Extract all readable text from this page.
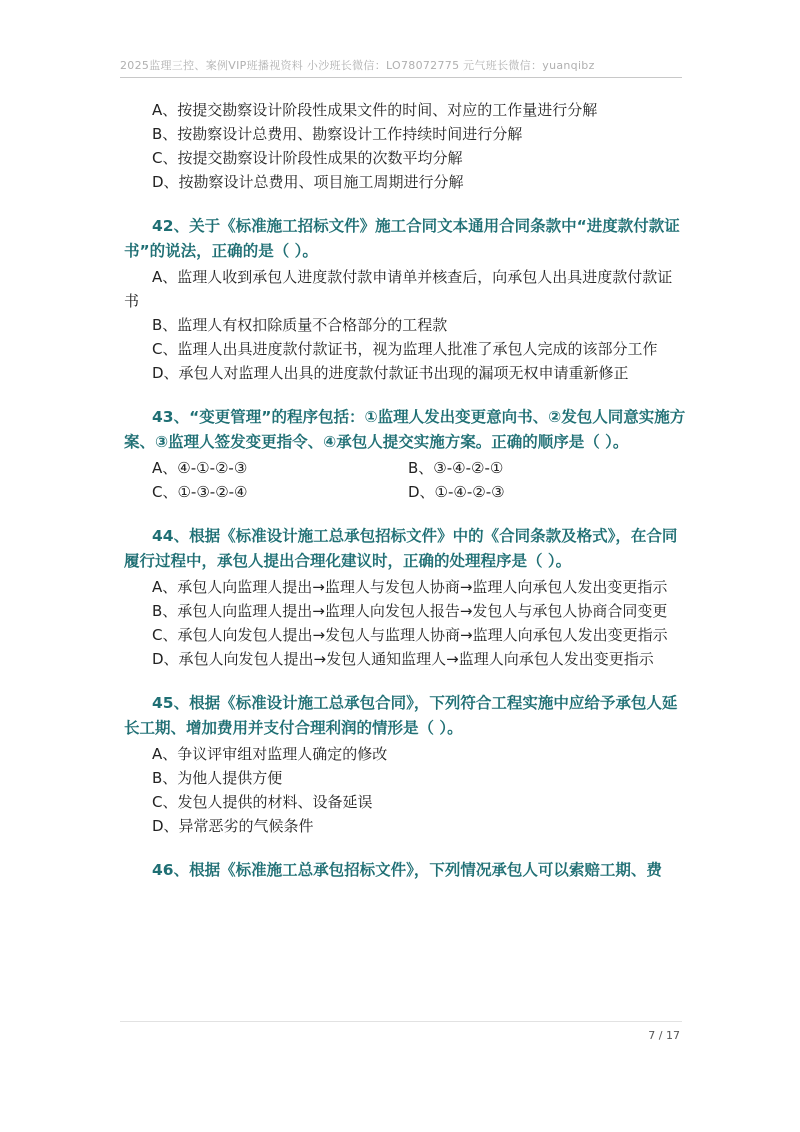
2025监理三控、案例VIP班播视资料 小沙班长微信：LO78072775 元气班长微信：yuanqibz
A、按提交勘察设计阶段性成果文件的时间、对应的工作量进行分解
B、按勘察设计总费用、勘察设计工作持续时间进行分解
C、按提交勘察设计阶段性成果的次数平均分解
D、按勘察设计总费用、项目施工周期进行分解
42、关于《标准施工招标文件》施工合同文本通用合同条款中“进度款付款证书”的说法，正确的是（ ）。
A、监理人收到承包人进度款付款申请单并核查后，向承包人出具进度款付款证书
B、监理人有权扣除质量不合格部分的工程款
C、监理人出具进度款付款证书，视为监理人批准了承包人完成的该部分工作
D、承包人对监理人出具的进度款付款证书出现的漏项无权申请重新修正
43、“变更管理”的程序包括：①监理人发出变更意向书、②发包人同意实施方案、③监理人签发变更指令、④承包人提交实施方案。正确的顺序是（ ）。
A、④-①-②-③	B、③-④-②-①
C、①-③-②-④	D、①-④-②-③
44、根据《标准设计施工总承包招标文件》中的《合同条款及格式》，在合同履行过程中，承包人提出合理化建议时，正确的处理程序是（ ）。
A、承包人向监理人提出→监理人与发包人协商→监理人向承包人发出变更指示
B、承包人向监理人提出→监理人向发包人报告→发包人与承包人协商合同变更
C、承包人向发包人提出→发包人与监理人协商→监理人向承包人发出变更指示
D、承包人向发包人提出→发包人通知监理人→监理人向承包人发出变更指示
45、根据《标准设计施工总承包合同》，下列符合工程实施中应给予承包人延长工期、增加费用并支付合理利润的情形是（ ）。
A、争议评审组对监理人确定的修改
B、为他人提供方便
C、发包人提供的材料、设备延误
D、异常恶劣的气候条件
46、根据《标准施工总承包招标文件》，下列情况承包人可以索赔工期、费
7 / 17
